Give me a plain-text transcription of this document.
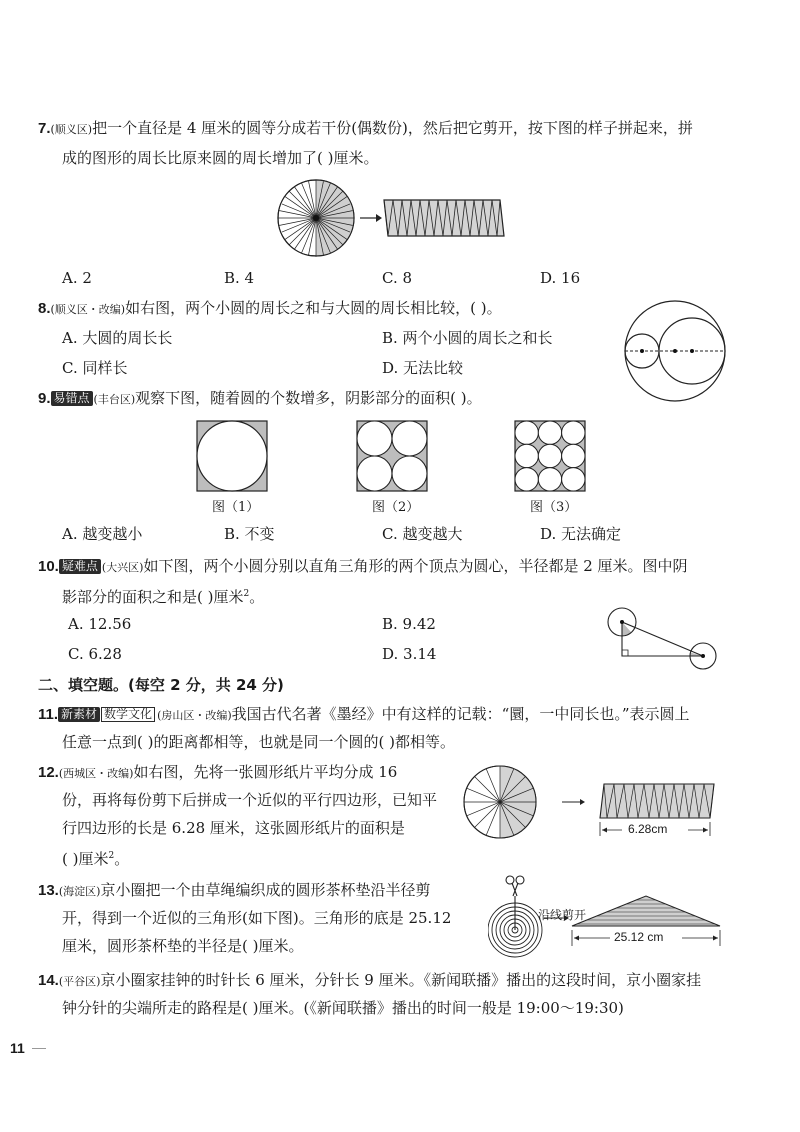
7.(顺义区)把一个直径是 4 厘米的圆等分成若干份(偶数份)，然后把它剪开，按下图的样子拼起来，拼
成的图形的周长比原来圆的周长增加了( )厘米。
A. 2	B. 4	C. 8	D. 16
8.(顺义区・改编)如右图，两个小圆的周长之和与大圆的周长相比较，( )。
A. 大圆的周长长	B. 两个小圆的周长之和长
C. 同样长	D. 无法比较
9. 易错点 (丰台区)观察下图，随着圆的个数增多，阴影部分的面积( )。
图（1）	图（2）	图（3）
A. 越变越小	B. 不变	C. 越变越大	D. 无法确定
10. 疑难点 (大兴区)如下图，两个小圆分别以直角三角形的两个顶点为圆心，半径都是 2 厘米。图中阴
影部分的面积之和是( )厘米$^2$。
A. 12.56	B. 9.42
C. 6.28	D. 3.14
二、填空题。(每空 2 分，共 24 分)
11. 新素材 数学文化 (房山区・改编)我国古代名著《墨经》中有这样的记载：“圜，一中同长也。”表示圆上
任意一点到( )的距离都相等，也就是同一个圆的( )都相等。
12.(西城区・改编)如右图，先将一张圆形纸片平均分成 16
份，再将每份剪下后拼成一个近似的平行四边形，已知平
行四边形的长是 6.28 厘米，这张圆形纸片的面积是
( )厘米$^2$。
6.28cm
13.(海淀区)京小圈把一个由草绳编织成的圆形茶杯垫沿半径剪
开，得到一个近似的三角形(如下图)。三角形的底是 25.12
厘米，圆形茶杯垫的半径是( )厘米。
沿线剪开
25.12 cm
14.(平谷区)京小圈家挂钟的时针长 6 厘米，分针长 9 厘米。《新闻联播》播出的这段时间，京小圈家挂
钟分针的尖端所走的路程是( )厘米。(《新闻联播》播出的时间一般是 19:00～19:30)
11
